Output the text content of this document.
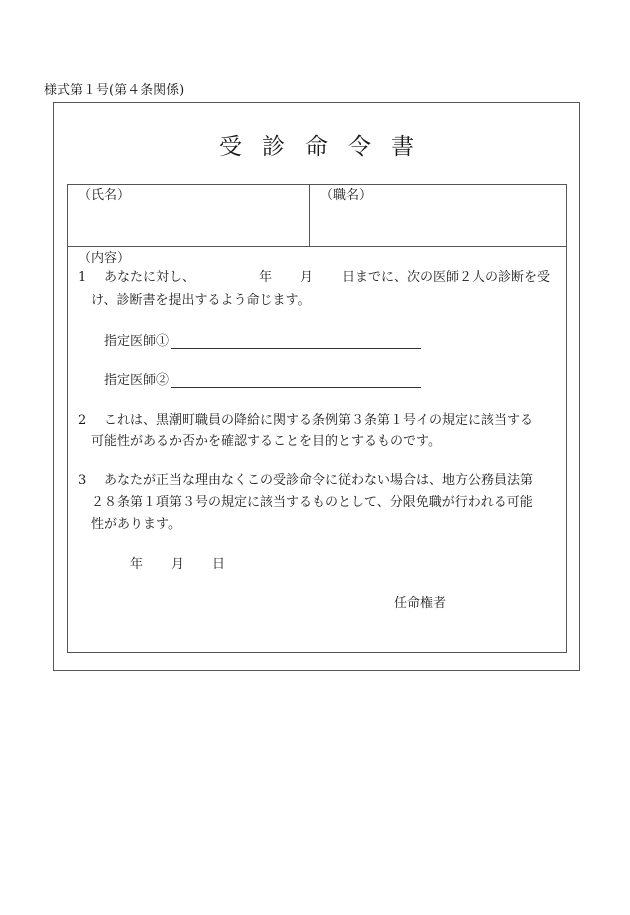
様式第１号(第４条関係)
受診命令書
（氏名）	（職名）
（内容）
1 あなたに対し、	年 月 日までに、次の医師２人の診断を受
け、診断書を提出するよう命じます。
指定医師①
指定医師②
2 これは、黒潮町職員の降給に関する条例第３条第１号イの規定に該当する
可能性があるか否かを確認することを目的とするものです。
3 あなたが正当な理由なくこの受診命令に従わない場合は、地方公務員法第
２８条第１項第３号の規定に該当するものとして、分限免職が行われる可能
性があります。
年 月 日
任命権者
